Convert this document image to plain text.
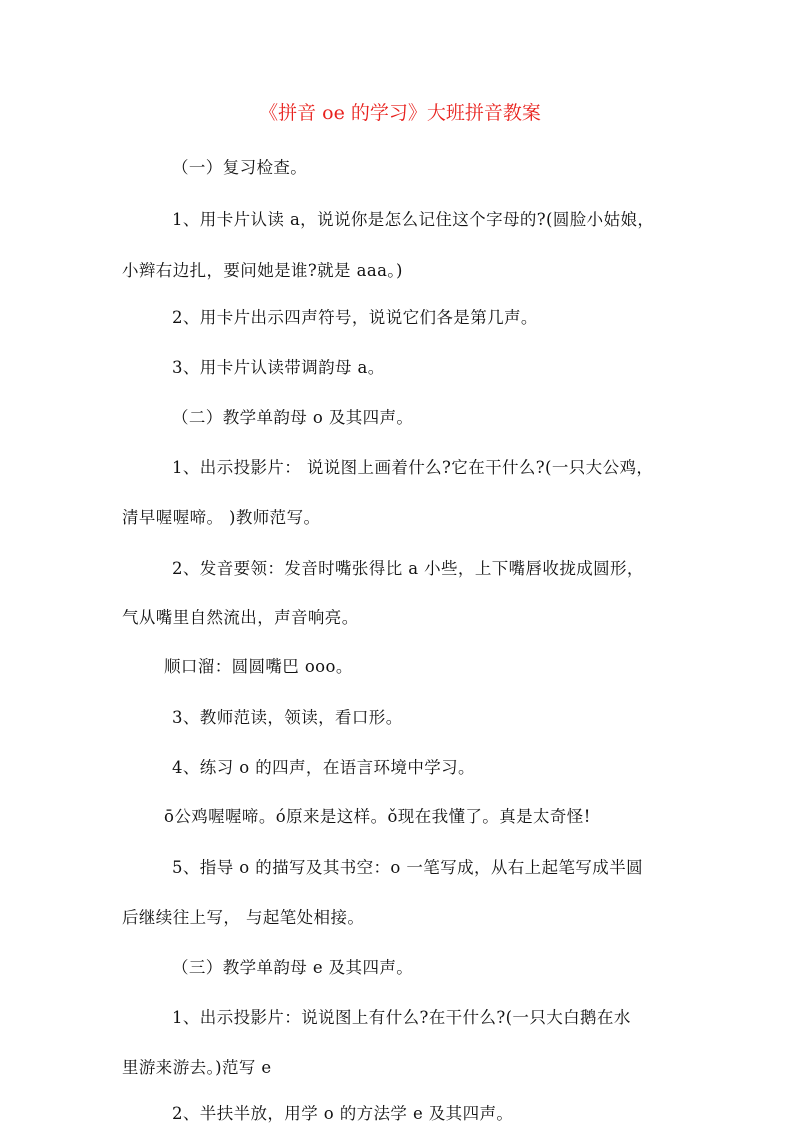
《拼音 oe 的学习》大班拼音教案
（一）复习检查。
1、用卡片认读 a，说说你是怎么记住这个字母的?(圆脸小姑娘，
小辫右边扎，要问她是谁?就是 aaa。)
2、用卡片出示四声符号，说说它们各是第几声。
3、用卡片认读带调韵母 a。
（二）教学单韵母 o 及其四声。
1、出示投影片： 说说图上画着什么?它在干什么?(一只大公鸡，
清早喔喔啼。 )教师范写。
2、发音要领：发音时嘴张得比 a 小些，上下嘴唇收拢成圆形，
气从嘴里自然流出，声音响亮。
顺口溜：圆圆嘴巴 ooo。
3、教师范读，领读，看口形。
4、练习 o 的四声，在语言环境中学习。
ō公鸡喔喔啼。ó原来是这样。ǒ现在我懂了。真是太奇怪!
5、指导 o 的描写及其书空：o 一笔写成，从右上起笔写成半圆
后继续往上写， 与起笔处相接。
（三）教学单韵母 e 及其四声。
1、出示投影片：说说图上有什么?在干什么?(一只大白鹅在水
里游来游去。)范写 e
2、半扶半放，用学 o 的方法学 e 及其四声。
